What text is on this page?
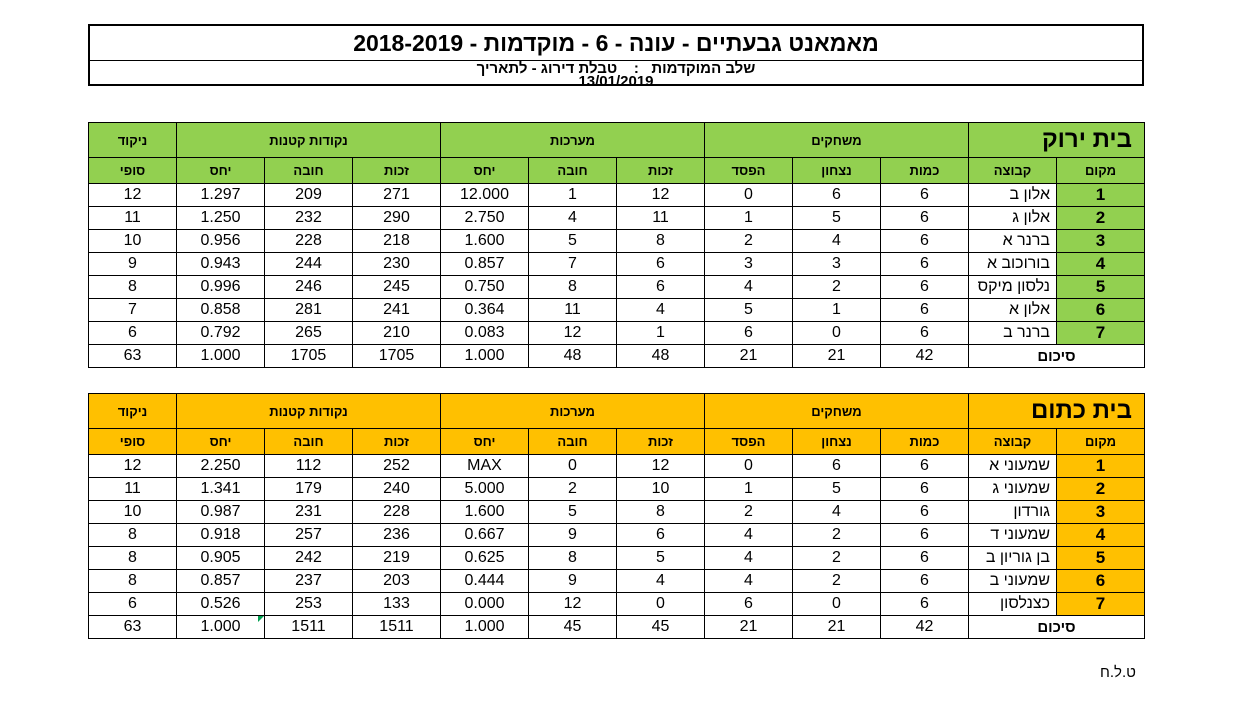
מאמאנט גבעתיים - עונה - 6 - מוקדמות - 2018-2019
שלב המוקדמות   :    טבלת דירוג - לתאריך
13/01/2019
ט.ל.ח
בית ירוק		משחקים			מערכות			נקודות קטנות			ניקוד
מקום	קבוצה	כמות	נצחון	הפסד	זכות	חובה	יחס	זכות	חובה	יחס	סופי
1	אלון ב	6	6	0	12	1	12.000	271	209	1.297	12
2	אלון ג	6	5	1	11	4	2.750	290	232	1.250	11
3	ברנר א	6	4	2	8	5	1.600	218	228	0.956	10
4	בורוכוב א	6	3	3	6	7	0.857	230	244	0.943	9
5	נלסון מיקס	6	2	4	6	8	0.750	245	246	0.996	8
6	אלון א	6	1	5	4	11	0.364	241	281	0.858	7
7	ברנר ב	6	0	6	1	12	0.083	210	265	0.792	6
סיכום		42	21	21	48	48	1.000	1705	1705	1.000	63
בית כתום		משחקים			מערכות			נקודות קטנות			ניקוד
מקום	קבוצה	כמות	נצחון	הפסד	זכות	חובה	יחס	זכות	חובה	יחס	סופי
1	שמעוני א	6	6	0	12	0	MAX	252	112	2.250	12
2	שמעוני ג	6	5	1	10	2	5.000	240	179	1.341	11
3	גורדון	6	4	2	8	5	1.600	228	231	0.987	10
4	שמעוני ד	6	2	4	6	9	0.667	236	257	0.918	8
5	בן גוריון ב	6	2	4	5	8	0.625	219	242	0.905	8
6	שמעוני ב	6	2	4	4	9	0.444	203	237	0.857	8
7	כצנלסון	6	0	6	0	12	0.000	133	253	0.526	6
סיכום		42	21	21	45	45	1.000	1511	1511	1.000	63
